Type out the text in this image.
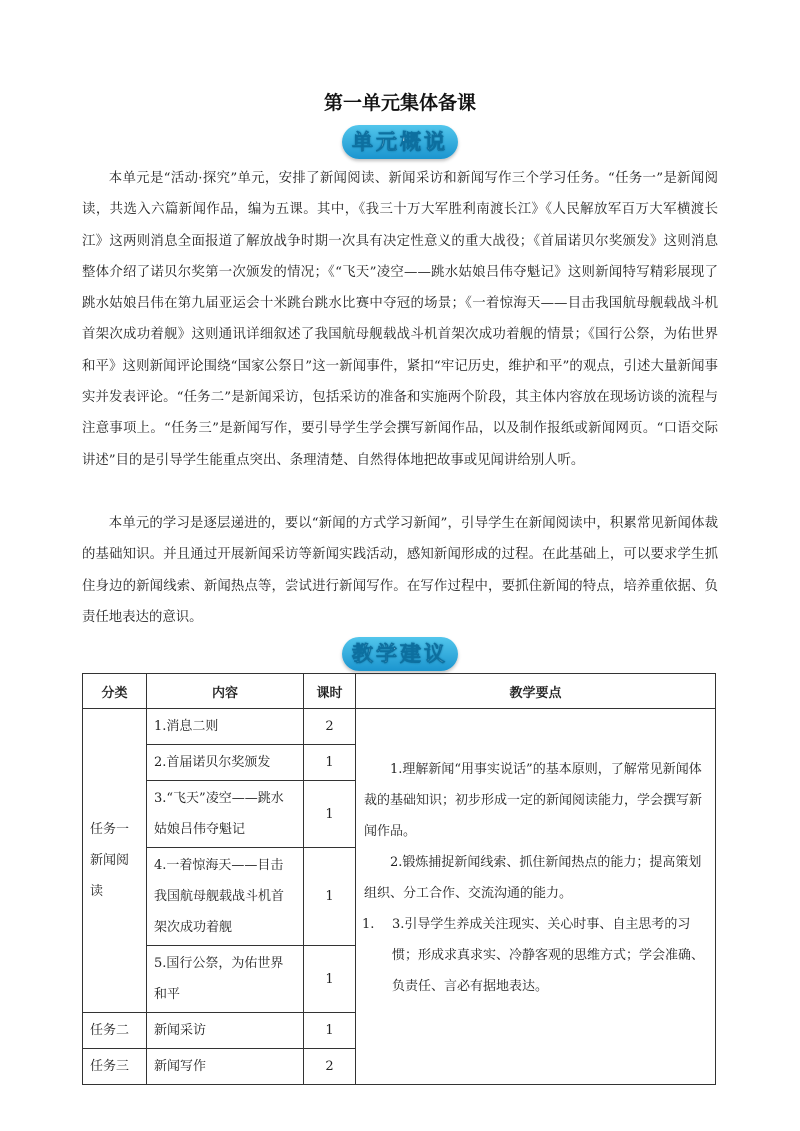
第一单元集体备课
单元概说

本单元是“活动·探究”单元，安排了新闻阅读、新闻采访和新闻写作三个学习任务。“任务一”是新闻阅读，共选入六篇新闻作品，编为五课。其中，《我三十万大军胜利南渡长江》《人民解放军百万大军横渡长江》这两则消息全面报道了解放战争时期一次具有决定性意义的重大战役；《首届诺贝尔奖颁发》这则消息整体介绍了诺贝尔奖第一次颁发的情况；《“飞天”凌空——跳水姑娘吕伟夺魁记》这则新闻特写精彩展现了跳水姑娘吕伟在第九届亚运会十米跳台跳水比赛中夺冠的场景；《一着惊海天——目击我国航母舰载战斗机首架次成功着舰》这则通讯详细叙述了我国航母舰载战斗机首架次成功着舰的情景；《国行公祭，为佑世界和平》这则新闻评论围绕“国家公祭日”这一新闻事件，紧扣“牢记历史，维护和平”的观点，引述大量新闻事实并发表评论。“任务二”是新闻采访，包括采访的准备和实施两个阶段，其主体内容放在现场访谈的流程与注意事项上。“任务三”是新闻写作，要引导学生学会撰写新闻作品，以及制作报纸或新闻网页。“口语交际讲述”目的是引导学生能重点突出、条理清楚、自然得体地把故事或见闻讲给别人听。

本单元的学习是逐层递进的，要以“新闻的方式学习新闻”，引导学生在新闻阅读中，积累常见新闻体裁的基础知识。并且通过开展新闻采访等新闻实践活动，感知新闻形成的过程。在此基础上，可以要求学生抓住身边的新闻线索、新闻热点等，尝试进行新闻写作。在写作过程中，要抓住新闻的特点，培养重依据、负责任地表达的意识。

教学建议
分类	内容	课时	教学要点
任务一新闻阅读	1.消息二则	2	1.理解新闻“用事实说话”的基本原则，了解常见新闻体裁的基础知识；初步形成一定的新闻阅读能力，学会撰写新闻作品。

2.锻炼捕捉新闻线索、抓住新闻热点的能力；提高策划组织、分工合作、交流沟通的能力。

1. 3.引导学生养成关注现实、关心时事、自主思考的习惯；形成求真求实、冷静客观的思维方式；学会准确、负责任、言必有据地表达。

	2.首届诺贝尔奖颁发	1	
	3.“飞天”凌空——跳水姑娘吕伟夺魁记	1	
	4.一着惊海天——目击我国航母舰载战斗机首架次成功着舰	1	
	5.国行公祭，为佑世界和平	1	
任务二	新闻采访	1	
任务三	新闻写作	2	
